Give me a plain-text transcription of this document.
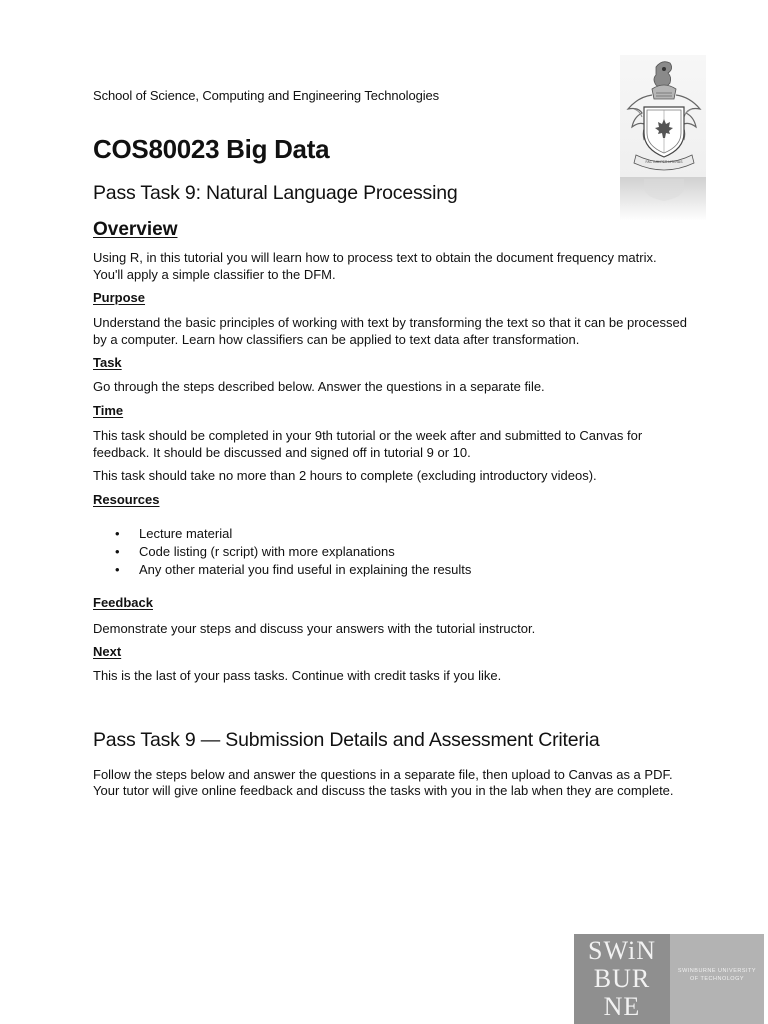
School of Science, Computing and Engineering Technologies
FACTUM PER LITERAS
COS80023 Big Data
Pass Task 9: Natural Language Processing
Overview

Using R, in this tutorial you will learn how to process text to obtain the document frequency matrix.

You'll apply a simple classifier to the DFM.

Purpose
Understand the basic principles of working with text by transforming the text so that it can be processed
by a computer. Learn how classifiers can be applied to text data after transformation.
Task

Go through the steps described below. Answer the questions in a separate file.

Time
This task should be completed in your 9th tutorial or the week after and submitted to Canvas for
feedback. It should be discussed and signed off in tutorial 9 or 10.

This task should take no more than 2 hours to complete (excluding introductory videos).

Resources
• Lecture material
• Code listing (r script) with more explanations
• Any other material you find useful in explaining the results
Feedback

Demonstrate your steps and discuss your answers with the tutorial instructor.

Next

This is the last of your pass tasks. Continue with credit tasks if you like.

Pass Task 9 — Submission Details and Assessment Criteria

Follow the steps below and answer the questions in a separate file, then upload to Canvas as a PDF.
Your tutor will give online feedback and discuss the tasks with you in the lab when they are complete.

SWiN
BUR
NE
SWINBURNE UNIVERSITY
OF TECHNOLOGY
